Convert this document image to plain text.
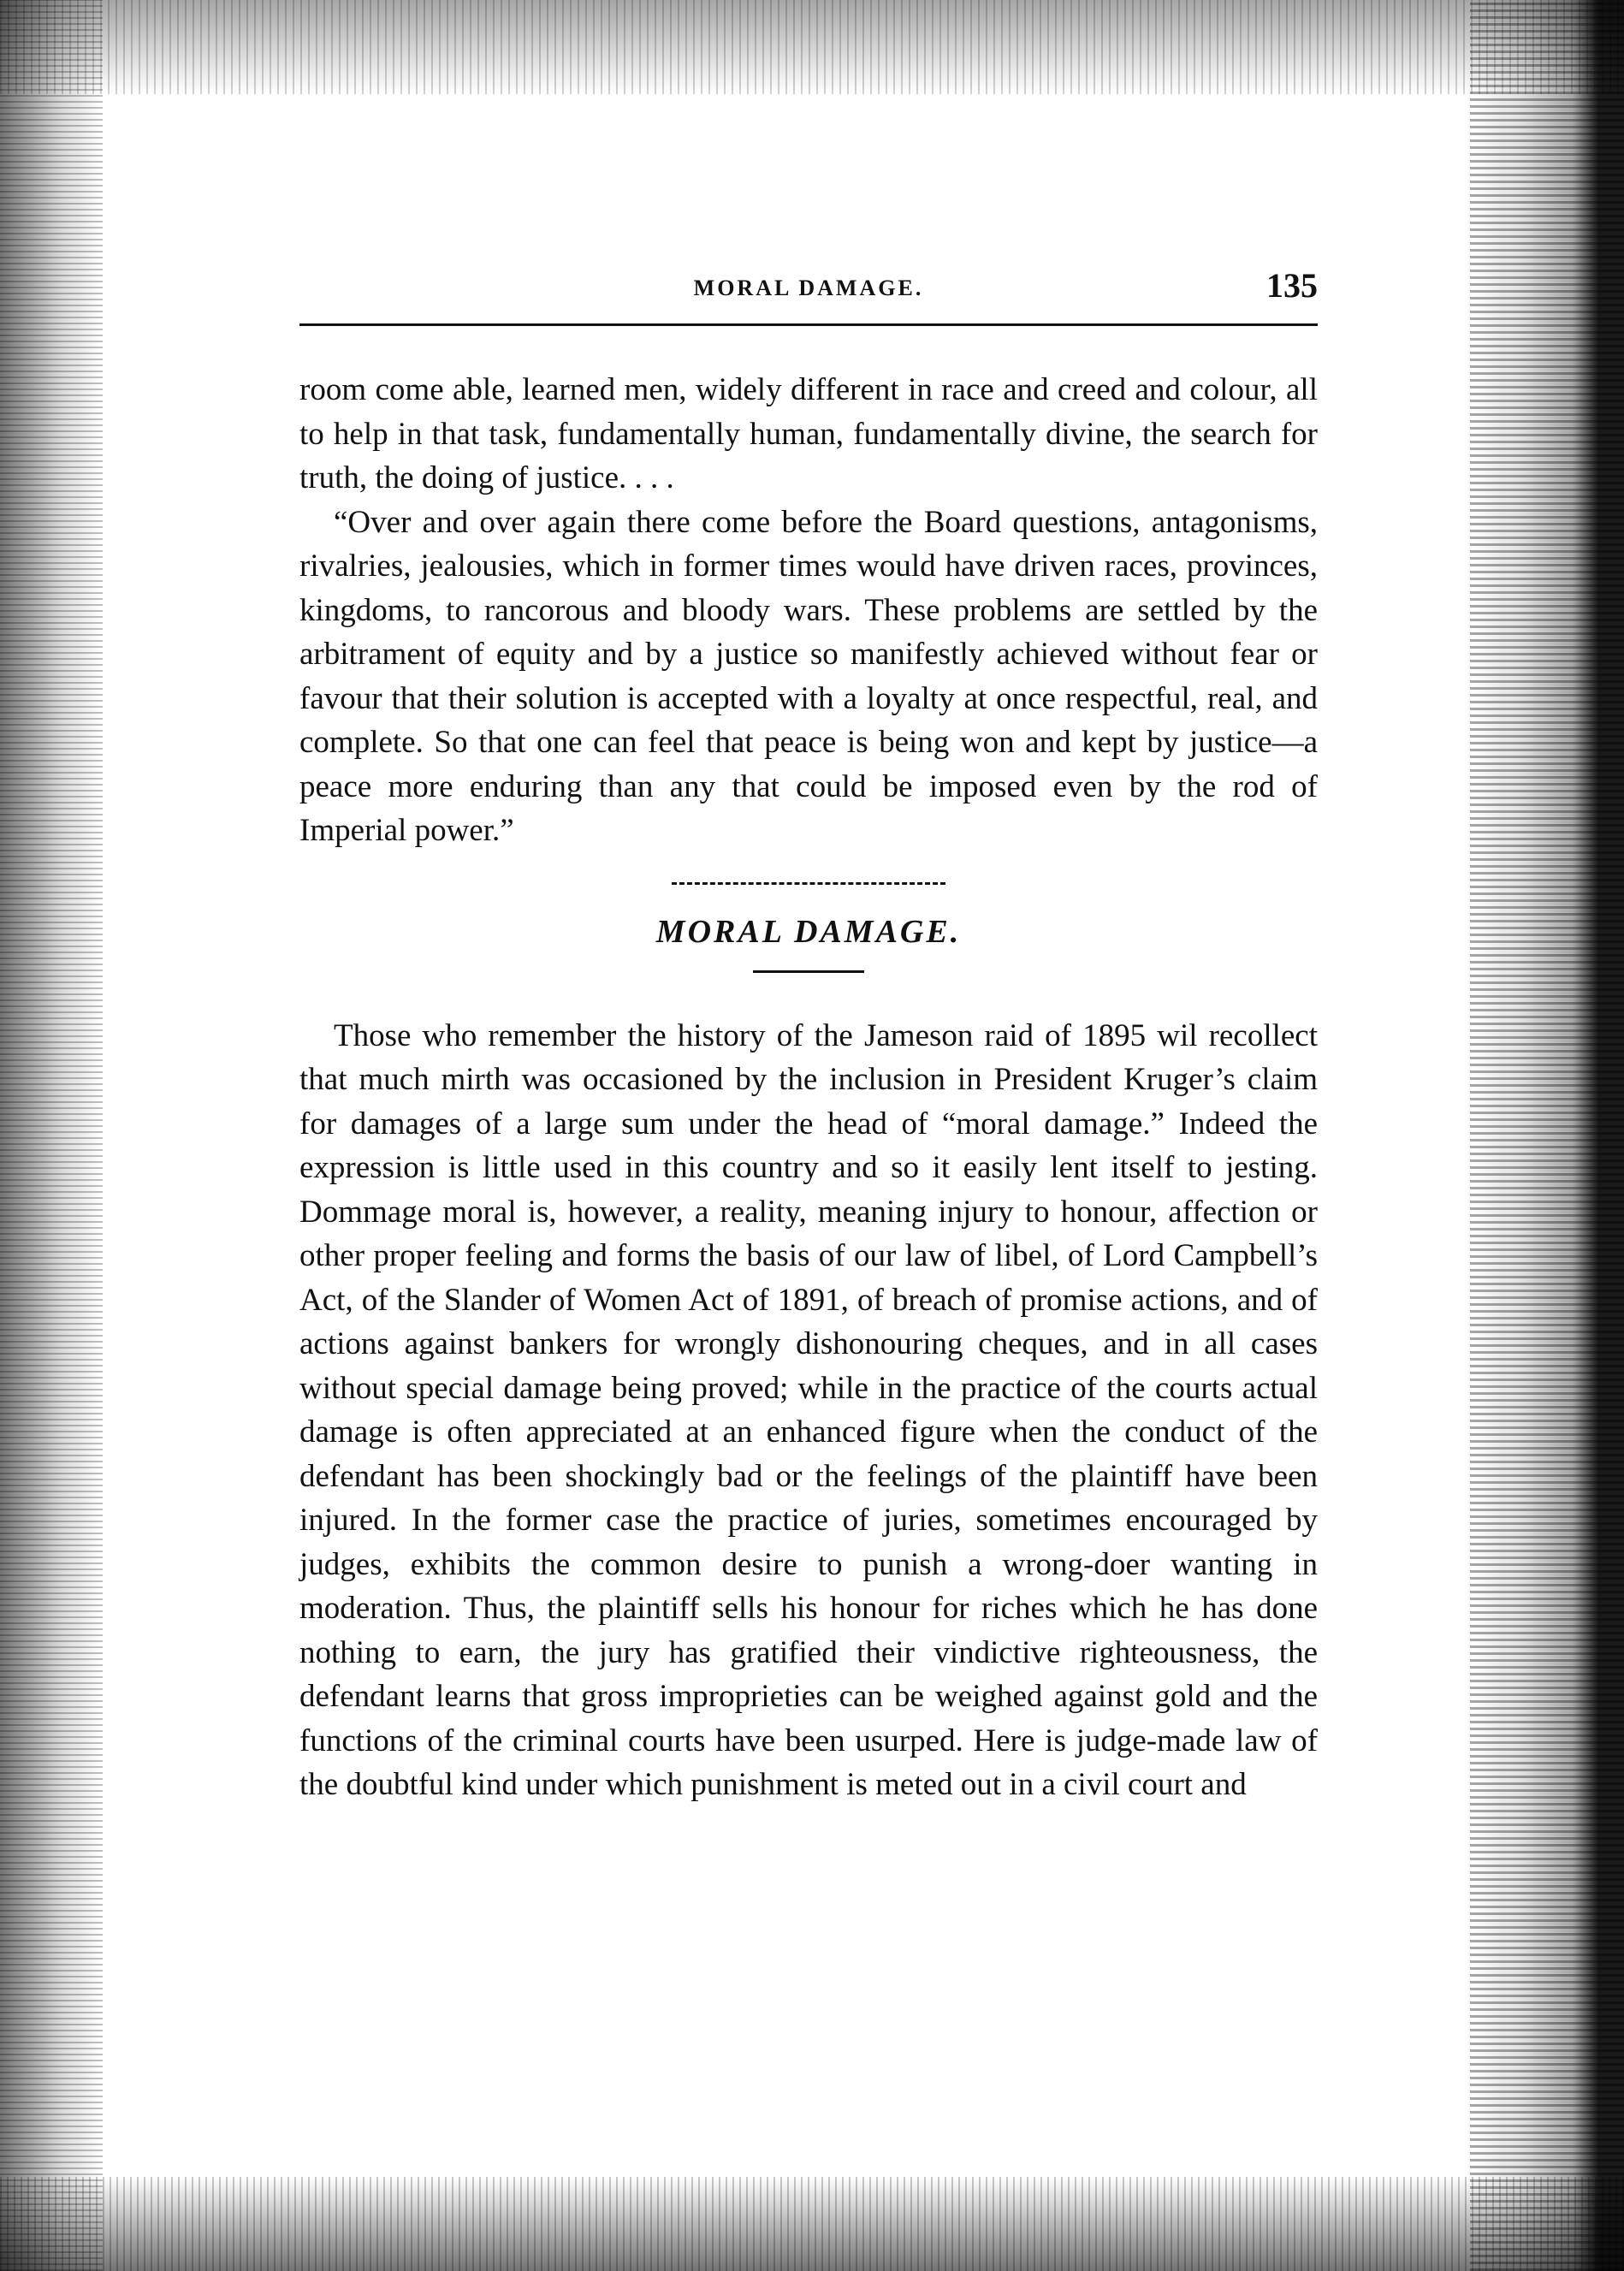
MORAL DAMAGE.	135

room come able, learned men, widely different in race and creed and colour, all to help in that task, fundamentally human, fundamentally divine, the search for truth, the doing of justice. . . .

“Over and over again there come before the Board questions, antagonisms, rivalries, jealousies, which in former times would have driven races, provinces, kingdoms, to rancorous and bloody wars. These problems are settled by the arbitrament of equity and by a justice so manifestly achieved without fear or favour that their solution is accepted with a loyalty at once respectful, real, and complete. So that one can feel that peace is being won and kept by justice—a peace more enduring than any that could be imposed even by the rod of Imperial power.”

MORAL DAMAGE.

Those who remember the history of the Jameson raid of 1895 wil recollect that much mirth was occasioned by the inclusion in President Kruger’s claim for damages of a large sum under the head of “moral damage.” Indeed the expression is little used in this country and so it easily lent itself to jesting. Dommage moral is, however, a reality, meaning injury to honour, affection or other proper feeling and forms the basis of our law of libel, of Lord Campbell’s Act, of the Slander of Women Act of 1891, of breach of promise actions, and of actions against bankers for wrongly dishonouring cheques, and in all cases without special damage being proved; while in the practice of the courts actual damage is often appreciated at an enhanced figure when the conduct of the defendant has been shockingly bad or the feelings of the plaintiff have been injured. In the former case the practice of juries, sometimes encouraged by judges, exhibits the common desire to punish a wrong-doer wanting in moderation. Thus, the plaintiff sells his honour for riches which he has done nothing to earn, the jury has gratified their vindictive righteousness, the defendant learns that gross improprieties can be weighed against gold and the functions of the criminal courts have been usurped. Here is judge-made law of the doubtful kind under which punishment is meted out in a civil court and
